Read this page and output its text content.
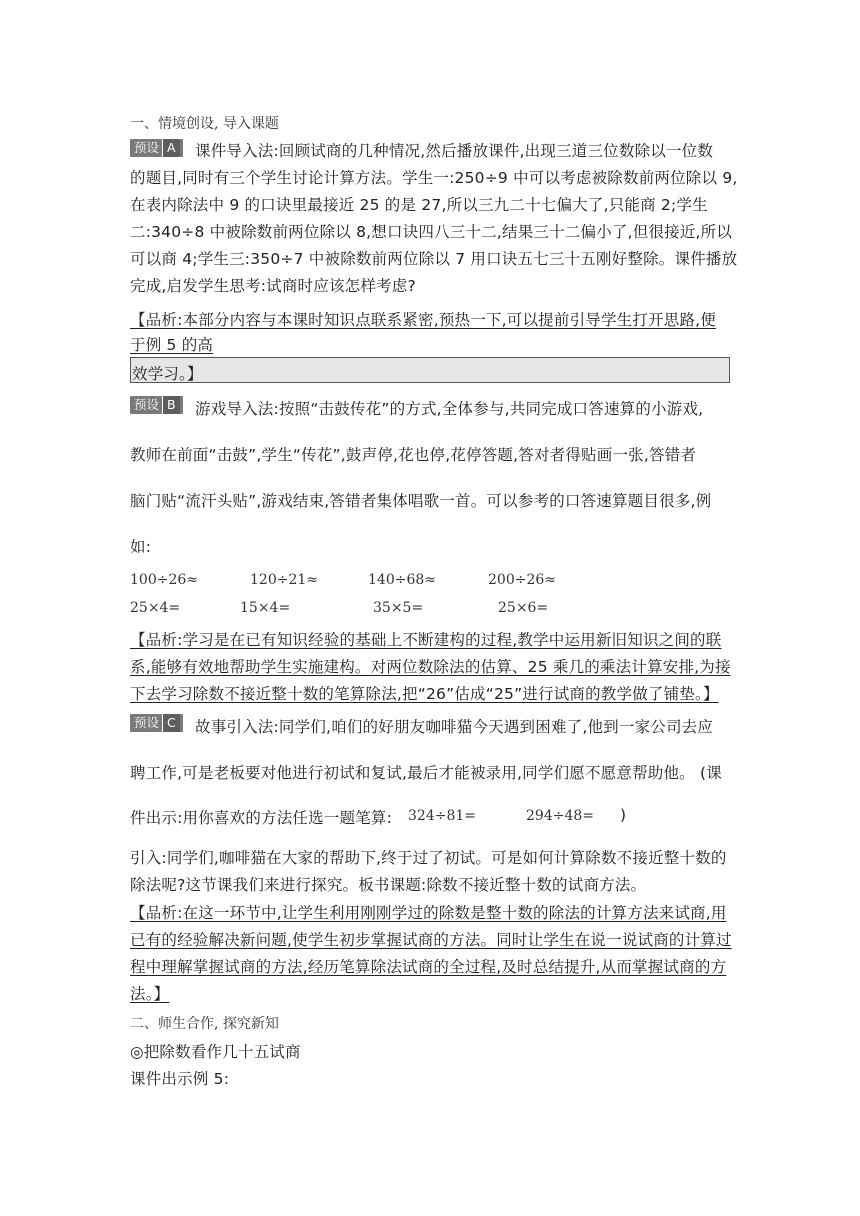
一、情境创设, 导入课题
预设 A	课件导入法:回顾试商的几种情况,然后播放课件,出现三道三位数除以一位数
的题目,同时有三个学生讨论计算方法。学生一:250÷9 中可以考虑被除数前两位除以 9,
在表内除法中 9 的口诀里最接近 25 的是 27,所以三九二十七偏大了,只能商 2;学生
二:340÷8 中被除数前两位除以 8,想口诀四八三十二,结果三十二偏小了,但很接近,所以
可以商 4;学生三:350÷7 中被除数前两位除以 7 用口诀五七三十五刚好整除。课件播放
完成,启发学生思考:试商时应该怎样考虑?
【品析:本部分内容与本课时知识点联系紧密,预热一下,可以提前引导学生打开思路,便
于例 5 的高
效学习。】
预设 B	游戏导入法:按照“击鼓传花”的方式,全体参与,共同完成口答速算的小游戏,
教师在前面“击鼓”,学生“传花”,鼓声停,花也停,花停答题,答对者得贴画一张,答错者
脑门贴“流汗头贴”,游戏结束,答错者集体唱歌一首。可以参考的口答速算题目很多,例
如:
100÷26≈	120÷21≈	140÷68≈	200÷26≈
25×4=	15×4=	35×5=	25×6=
【品析:学习是在已有知识经验的基础上不断建构的过程,教学中运用新旧知识之间的联
系,能够有效地帮助学生实施建构。对两位数除法的估算、25 乘几的乘法计算安排,为接
下去学习除数不接近整十数的笔算除法,把“26”估成“25”进行试商的教学做了铺垫。】
预设 C	故事引入法:同学们,咱们的好朋友咖啡猫今天遇到困难了,他到一家公司去应
聘工作,可是老板要对他进行初试和复试,最后才能被录用,同学们愿不愿意帮助他。 (课
件出示:用你喜欢的方法任选一题笔算: 324÷81=	294÷48= )
引入:同学们,咖啡猫在大家的帮助下,终于过了初试。可是如何计算除数不接近整十数的
除法呢?这节课我们来进行探究。板书课题:除数不接近整十数的试商方法。
【品析:在这一环节中,让学生利用刚刚学过的除数是整十数的除法的计算方法来试商,用
已有的经验解决新问题,使学生初步掌握试商的方法。同时让学生在说一说试商的计算过
程中理解掌握试商的方法,经历笔算除法试商的全过程,及时总结提升,从而掌握试商的方
法。】
二、师生合作, 探究新知
◎把除数看作几十五试商
课件出示例 5:
